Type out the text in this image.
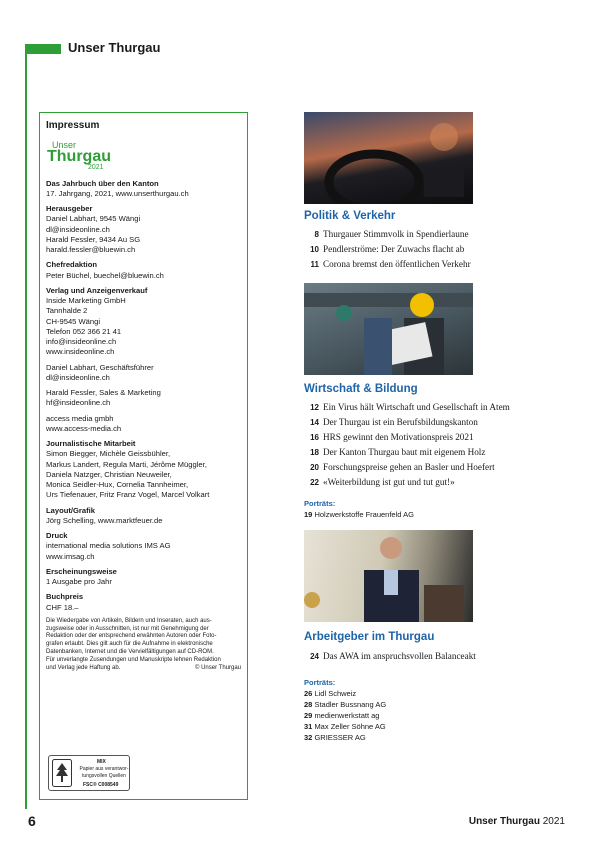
Unser Thurgau
Impressum
Unser
Thurgau
2021
Das Jahrbuch über den Kanton
17. Jahrgang, 2021, www.unserthurgau.ch
Herausgeber
Daniel Labhart, 9545 Wängi
dl@insideonline.ch
Harald Fessler, 9434 Au SG
harald.fessler@bluewin.ch
Chefredaktion
Peter Büchel, buechel@bluewin.ch
Verlag und Anzeigenverkauf
Inside Marketing GmbH
Tannhalde 2
CH-9545 Wängi
Telefon 052 366 21 41
info@insideonline.ch
www.insideonline.ch
Daniel Labhart, Geschäftsführer
dl@insideonline.ch
Harald Fessler, Sales & Marketing
hf@insideonline.ch
access media gmbh
www.access-media.ch
Journalistische Mitarbeit
Simon Biegger, Michèle Geissbühler,
Markus Landert, Regula Marti, Jérôme Müggler,
Daniela Natzger, Christian Neuweiler,
Monica Seidler-Hux, Cornelia Tannheimer,
Urs Tiefenauer, Fritz Franz Vogel, Marcel Volkart
Layout/Grafik
Jörg Schelling, www.marktfeuer.de
Druck
international media solutions IMS AG
www.imsag.ch
Erscheinungsweise
1 Ausgabe pro Jahr
Buchpreis
CHF 18.–
Die Wiedergabe von Artikeln, Bildern und Inseraten, auch aus-
zugsweise oder in Ausschnitten, ist nur mit Genehmigung der
Redaktion oder der entsprechend erwähnten Autoren oder Foto-
grafen erlaubt. Dies gilt auch für die Aufnahme in elektronische
Datenbanken, Internet und die Vervielfältigungen auf CD-ROM.
Für unverlangte Zusendungen und Manuskripte lehnen Redaktion
und Verlag jede Haftung ab.	© Unser Thurgau
MIX
Papier aus verantwor-tungsvollen Quellen
FSC® C008549
Politik & Verkehr
8 Thurgauer Stimmvolk in Spendierlaune
10 Pendlerströme: Der Zuwachs flacht ab
11 Corona bremst den öffentlichen Verkehr
Wirtschaft & Bildung
12 Ein Virus hält Wirtschaft und Gesellschaft in Atem
14 Der Thurgau ist ein Berufsbildungskanton
16 HRS gewinnt den Motivationspreis 2021
18 Der Kanton Thurgau baut mit eigenem Holz
20 Forschungspreise gehen an Basler und Hoefert
22 «Weiterbildung ist gut und tut gut!»
Porträts:
19 Holzwerkstoffe Frauenfeld AG
Arbeitgeber im Thurgau
24 Das AWA im anspruchsvollen Balanceakt
Porträts:
26 Lidl Schweiz
28 Stadler Bussnang AG
29 medienwerkstatt ag
31 Max Zeller Söhne AG
32 GRIESSER AG
6	Unser Thurgau 2021
